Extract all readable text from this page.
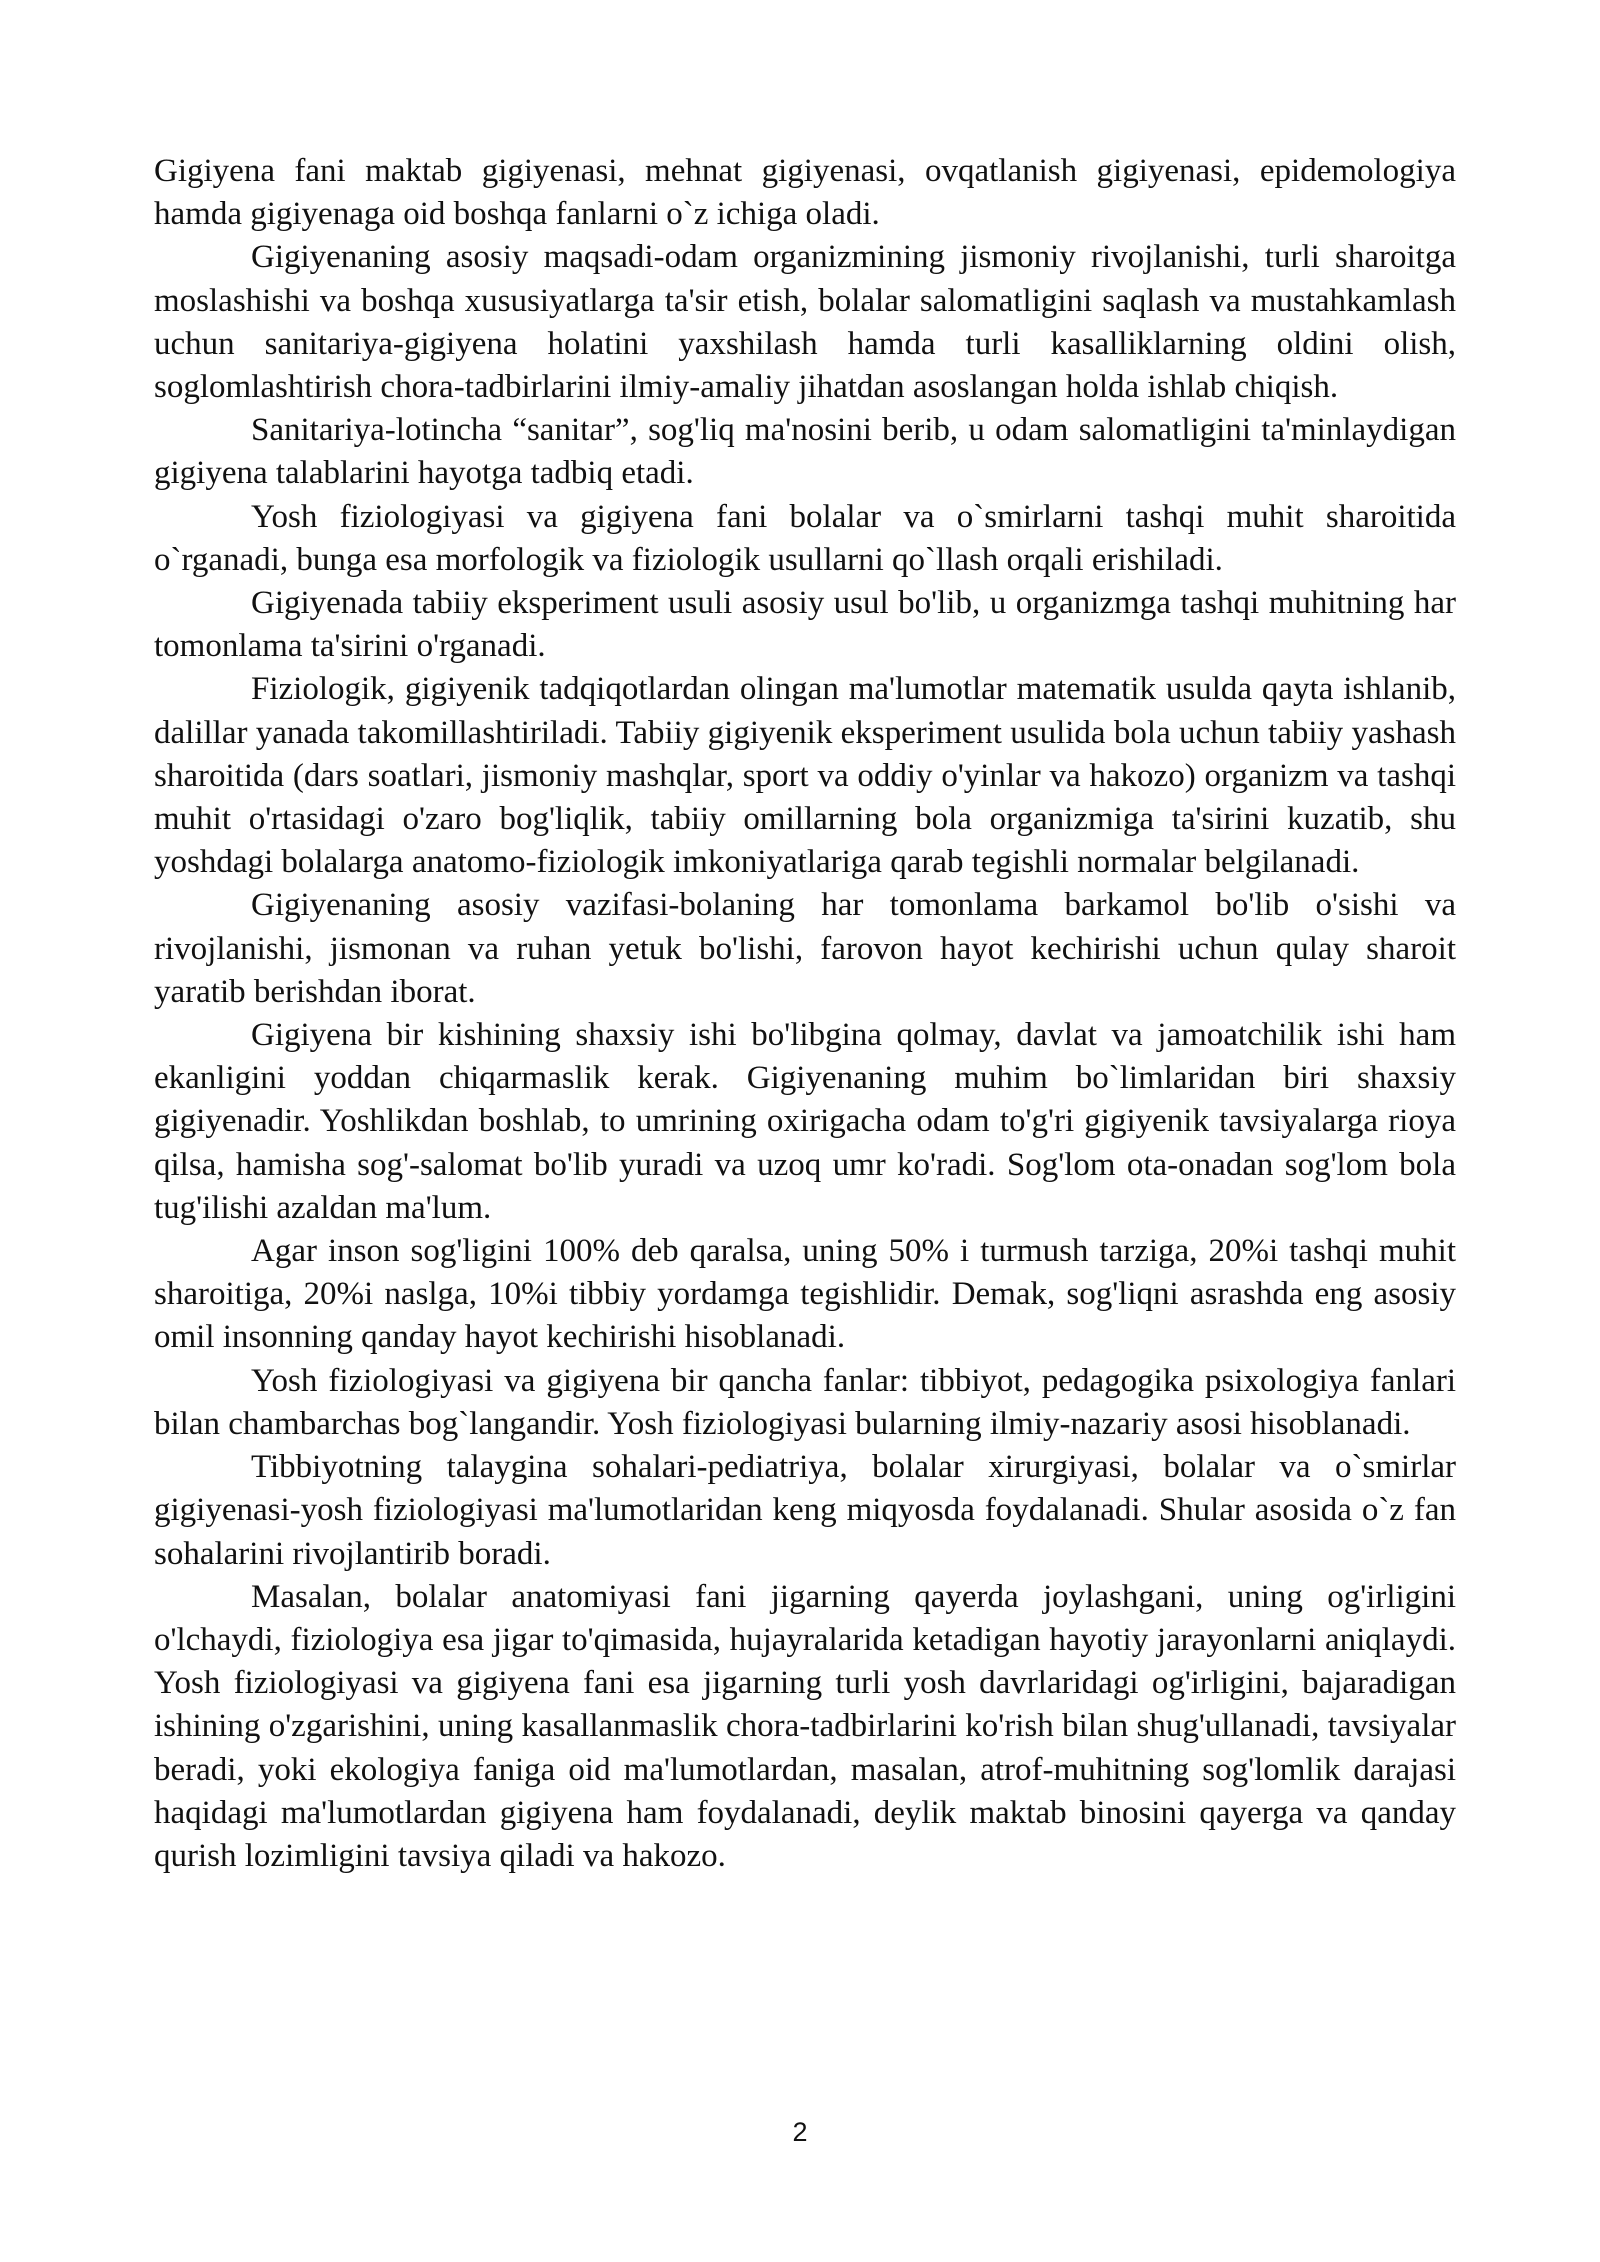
Gigiyena fani maktab gigiyenasi, mehnat gigiyenasi, ovqatlanish gigiyenasi, epidemologiya hamda gigiyenaga oid boshqa fanlarni o`z ichiga oladi.

Gigiyenaning asosiy maqsadi-odam organizmining jismoniy rivojlanishi, turli sharoitga moslashishi va boshqa xususiyatlarga ta'sir etish, bolalar salomatligini saqlash va mustahkamlash uchun sanitariya-gigiyena holatini yaxshilash hamda turli kasalliklarning oldini olish, soglomlashtirish chora-tadbirlarini ilmiy-amaliy jihatdan asoslangan holda ishlab chiqish.

Sanitariya-lotincha “sanitar”, sog'liq ma'nosini berib, u odam salomatligini ta'minlaydigan gigiyena talablarini hayotga tadbiq etadi.

Yosh fiziologiyasi va gigiyena fani bolalar va o`smirlarni tashqi muhit sharoitida o`rganadi, bunga esa morfologik va fiziologik usullarni qo`llash orqali erishiladi.

Gigiyenada tabiiy eksperiment usuli asosiy usul bo'lib, u organizmga tashqi muhitning har tomonlama ta'sirini o'rganadi.

Fiziologik, gigiyenik tadqiqotlardan olingan ma'lumotlar matematik usulda qayta ishlanib, dalillar yanada takomillashtiriladi. Tabiiy gigiyenik eksperiment usulida bola uchun tabiiy yashash sharoitida (dars soatlari, jismoniy mashqlar, sport va oddiy o'yinlar va hakozo) organizm va tashqi muhit o'rtasidagi o'zaro bog'liqlik, tabiiy omillarning bola organizmiga ta'sirini kuzatib, shu yoshdagi bolalarga anatomo-fiziologik imkoniyatlariga qarab tegishli normalar belgilanadi.

Gigiyenaning asosiy vazifasi-bolaning har tomonlama barkamol bo'lib o'sishi va rivojlanishi, jismonan va ruhan yetuk bo'lishi, farovon hayot kechirishi uchun qulay sharoit yaratib berishdan iborat.

Gigiyena bir kishining shaxsiy ishi bo'libgina qolmay, davlat va jamoatchilik ishi ham ekanligini yoddan chiqarmaslik kerak. Gigiyenaning muhim bo`limlaridan biri shaxsiy gigiyenadir. Yoshlikdan boshlab, to umrining oxirigacha odam to'g'ri gigiyenik tavsiyalarga rioya qilsa, hamisha sog'-salomat bo'lib yuradi va uzoq umr ko'radi. Sog'lom ota-onadan sog'lom bola tug'ilishi azaldan ma'lum.

Agar inson sog'ligini 100% deb qaralsa, uning 50% i turmush tarziga, 20%i tashqi muhit sharoitiga, 20%i naslga, 10%i tibbiy yordamga tegishlidir. Demak, sog'liqni asrashda eng asosiy omil insonning qanday hayot kechirishi hisoblanadi.

Yosh fiziologiyasi va gigiyena bir qancha fanlar: tibbiyot, pedagogika psixologiya fanlari bilan chambarchas bog`langandir. Yosh fiziologiyasi bularning ilmiy-nazariy asosi hisoblanadi.

Tibbiyotning talaygina sohalari-pediatriya, bolalar xirurgiyasi, bolalar va o`smirlar gigiyenasi-yosh fiziologiyasi ma'lumotlaridan keng miqyosda foydalanadi. Shular asosida o`z fan sohalarini rivojlantirib boradi.

Masalan, bolalar anatomiyasi fani jigarning qayerda joylashgani, uning og'irligini o'lchaydi, fiziologiya esa jigar to'qimasida, hujayralarida ketadigan hayotiy jarayonlarni aniqlaydi. Yosh fiziologiyasi va gigiyena fani esa jigarning turli yosh davrlaridagi og'irligini, bajaradigan ishining o'zgarishini, uning kasallanmaslik chora-tadbirlarini ko'rish bilan shug'ullanadi, tavsiyalar beradi, yoki ekologiya faniga oid ma'lumotlardan, masalan, atrof-muhitning sog'lomlik darajasi haqidagi ma'lumotlardan gigiyena ham foydalanadi, deylik maktab binosini qayerga va qanday qurish lozimligini tavsiya qiladi va hakozo.

2
